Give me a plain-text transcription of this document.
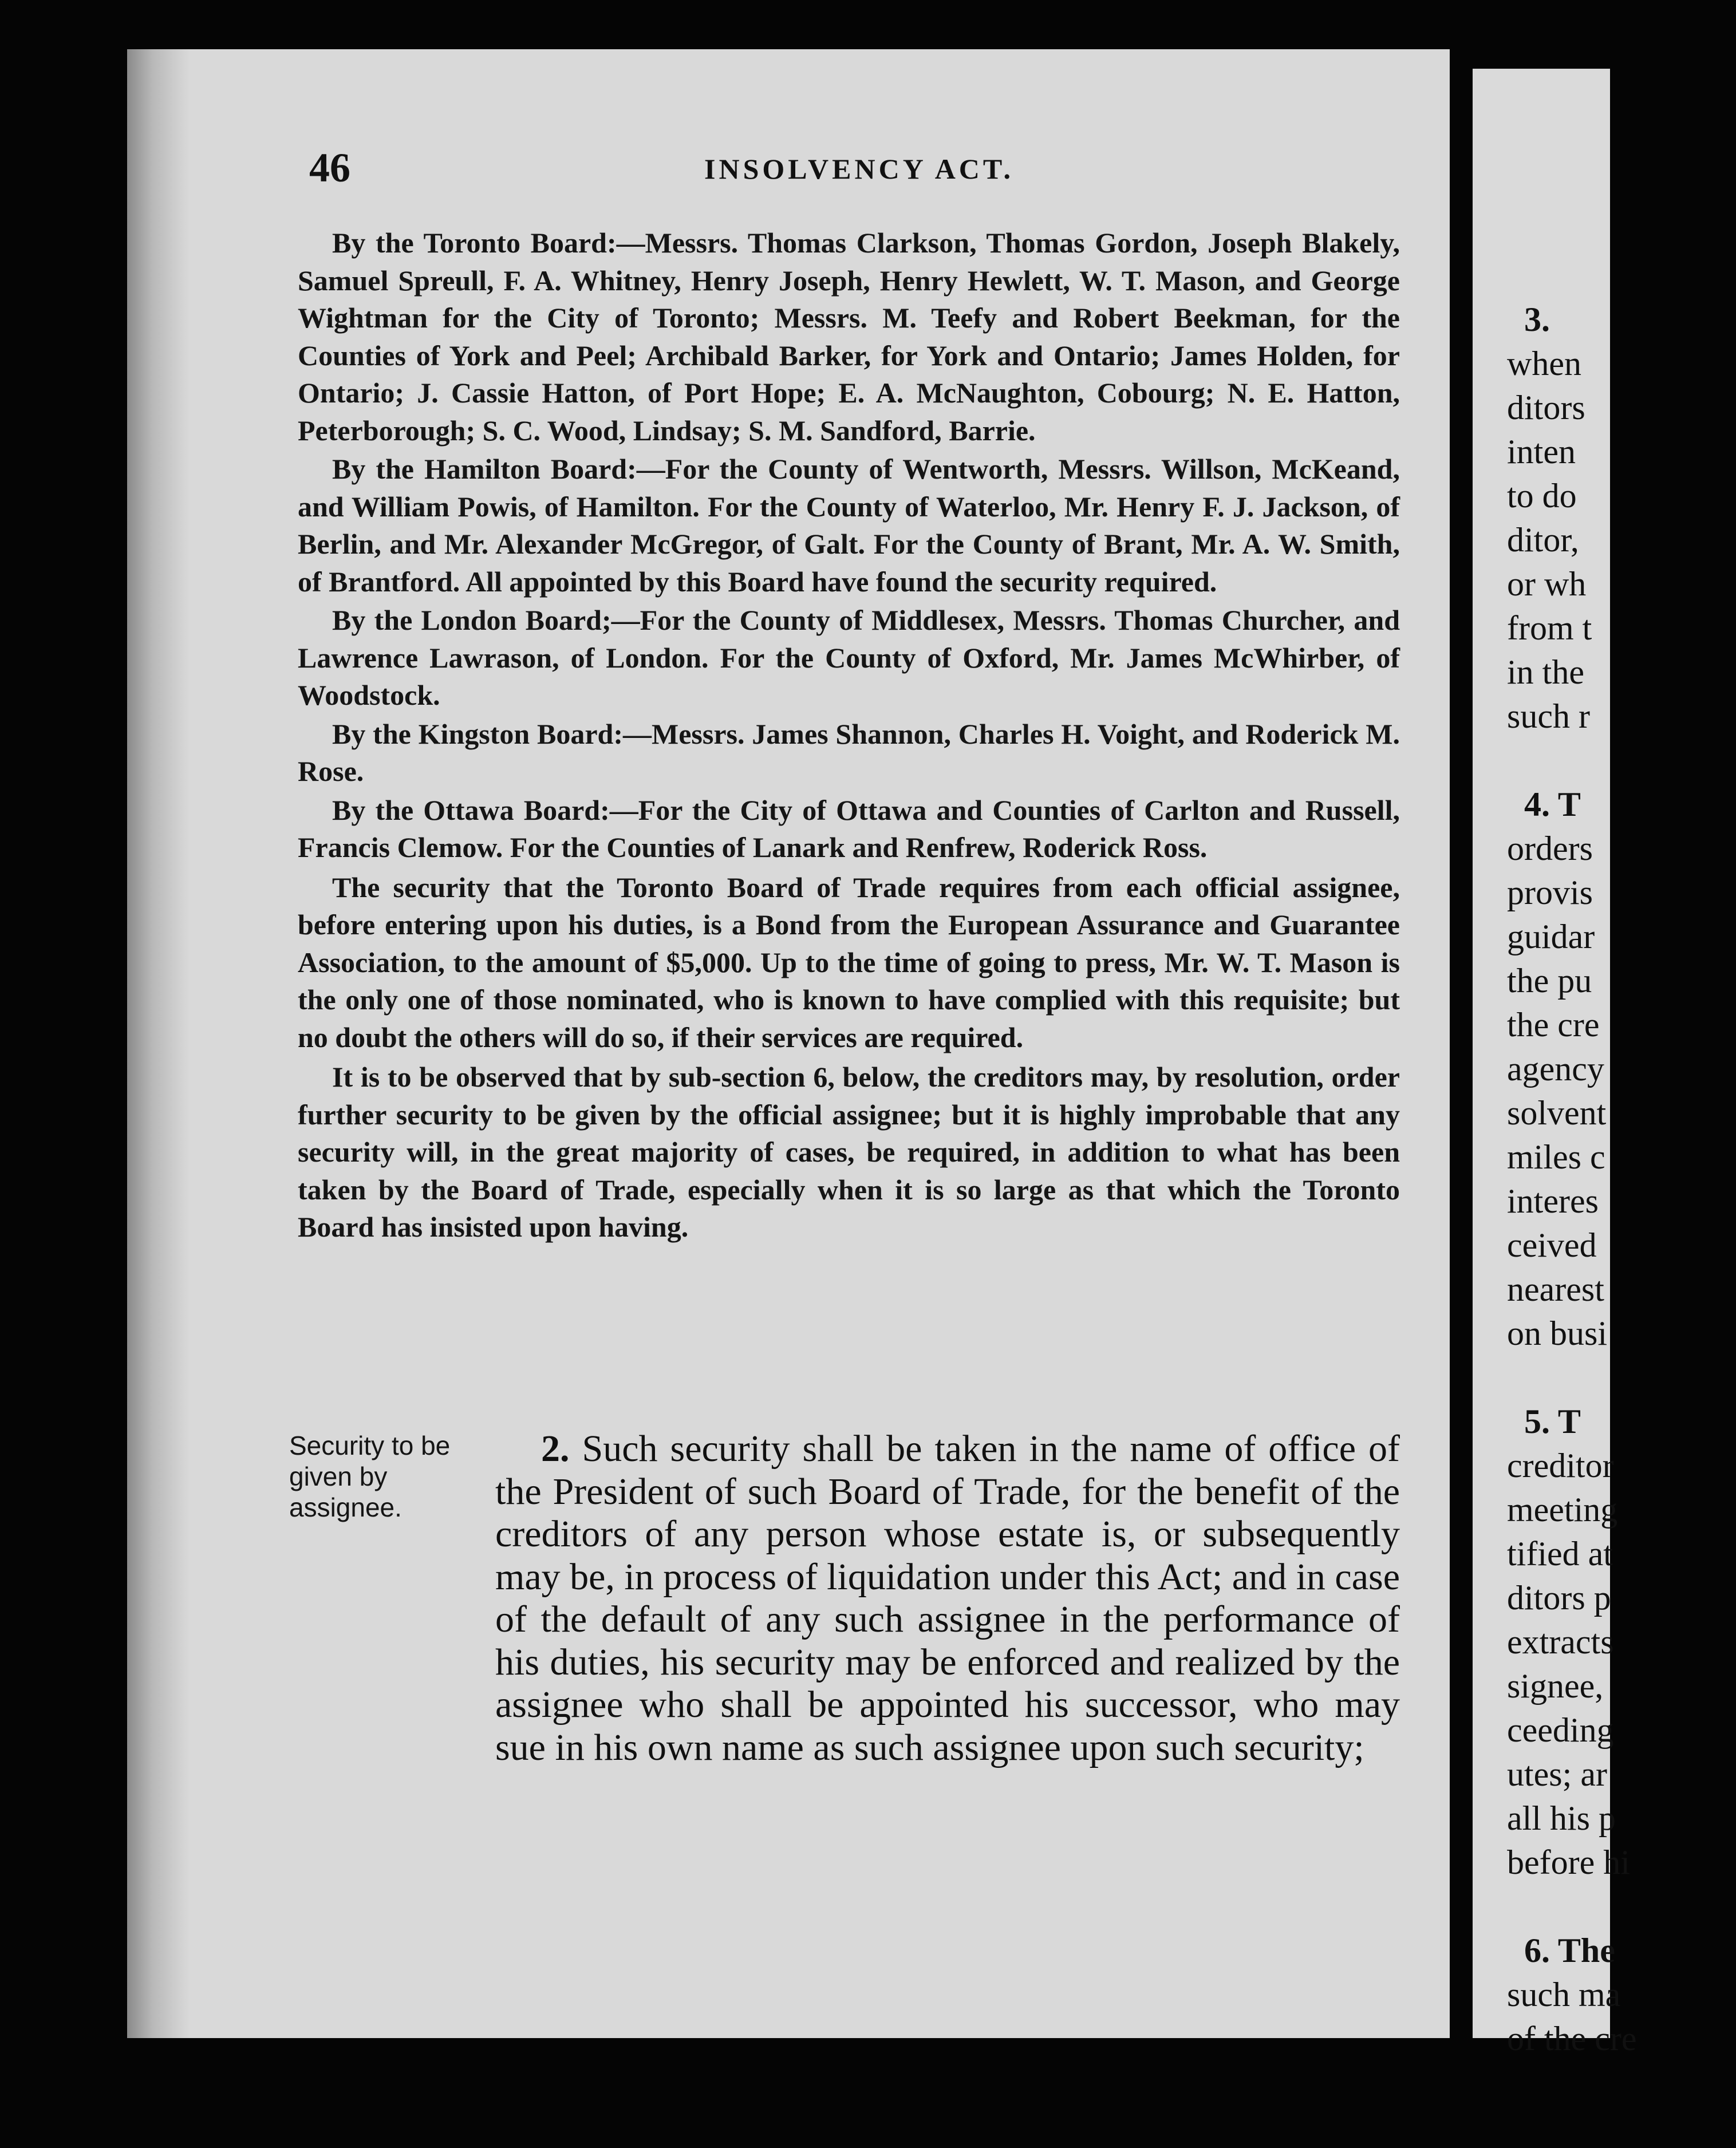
3.
when
ditors
inten
to do
ditor,
or wh
from t
in the
such r
4. T
orders
provis
guidar
the pu
the cre
agency
solvent
miles c
interes
ceived
nearest
on busi
5. T
creditor
meeting
tified at
ditors p
extracts
signee,
ceeding
utes; ar
all his p
before hi
6. The
such ma
of the cre
46	INSOLVENCY ACT.

By the Toronto Board:—Messrs. Thomas Clarkson, Thomas Gordon, Joseph Blakely, Samuel Spreull, F. A. Whitney, Henry Joseph, Henry Hewlett, W. T. Mason, and George Wightman for the City of Toronto; Messrs. M. Teefy and Robert Beekman, for the Counties of York and Peel; Archibald Barker, for York and Ontario; James Holden, for Ontario; J. Cassie Hatton, of Port Hope; E. A. McNaughton, Cobourg; N. E. Hatton, Peterborough; S. C. Wood, Lindsay; S. M. Sandford, Barrie.

By the Hamilton Board:—For the County of Wentworth, Messrs. Willson, McKeand, and William Powis, of Hamilton. For the County of Waterloo, Mr. Henry F. J. Jackson, of Berlin, and Mr. Alexander McGregor, of Galt. For the County of Brant, Mr. A. W. Smith, of Brantford. All appointed by this Board have found the security required.

By the London Board;—For the County of Middlesex, Messrs. Thomas Churcher, and Lawrence Lawrason, of London. For the County of Oxford, Mr. James McWhirber, of Woodstock.

By the Kingston Board:—Messrs. James Shannon, Charles H. Voight, and Roderick M. Rose.

By the Ottawa Board:—For the City of Ottawa and Counties of Carlton and Russell, Francis Clemow. For the Counties of Lanark and Renfrew, Roderick Ross.

The security that the Toronto Board of Trade requires from each official assignee, before entering upon his duties, is a Bond from the European Assurance and Guarantee Association, to the amount of $5,000. Up to the time of going to press, Mr. W. T. Mason is the only one of those nominated, who is known to have complied with this requisite; but no doubt the others will do so, if their services are required.

It is to be observed that by sub-section 6, below, the creditors may, by resolution, order further security to be given by the official assignee; but it is highly improbable that any security will, in the great majority of cases, be required, in addition to what has been taken by the Board of Trade, especially when it is so large as that which the Toronto Board has insisted upon having.

Security to be given by assignee.

2. Such security shall be taken in the name of office of the President of such Board of Trade, for the benefit of the creditors of any person whose estate is, or subsequently may be, in process of liquidation under this Act; and in case of the default of any such assignee in the performance of his duties, his security may be enforced and realized by the assignee who shall be appointed his successor, who may sue in his own name as such assignee upon such security;
